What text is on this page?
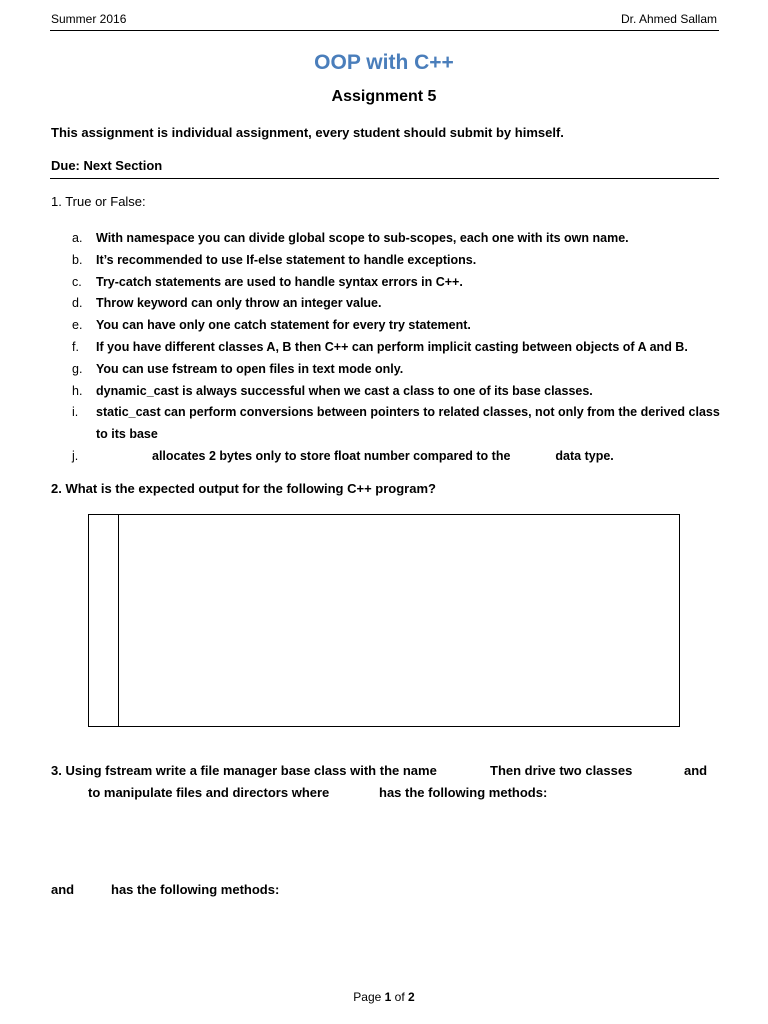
Summer 2016	Dr. Ahmed Sallam
OOP with C++
Assignment 5
This assignment is individual assignment, every student should submit by himself.
Due: Next Section
1. True or False:
a. With namespace you can divide global scope to sub-scopes, each one with its own name.
b. It’s recommended to use If-else statement to handle exceptions.
c. Try-catch statements are used to handle syntax errors in C++.
d. Throw keyword can only throw an integer value.
e. You can have only one catch statement for every try statement.
f. If you have different classes A, B then C++ can perform implicit casting between objects of A and B.
g. You can use fstream to open files in text mode only.
h. dynamic_cast is always successful when we cast a class to one of its base classes.
i. static_cast can perform conversions between pointers to related classes, not only from the derived class to its base
j.	allocates 2 bytes only to store float number compared to the	data type.
2. What is the expected output for the following C++ program?
3. Using fstream write a file manager base class with the name	Then drive two classes	and
to manipulate files and directors where	has the following methods:
and	has the following methods:
Page 1 of 2
